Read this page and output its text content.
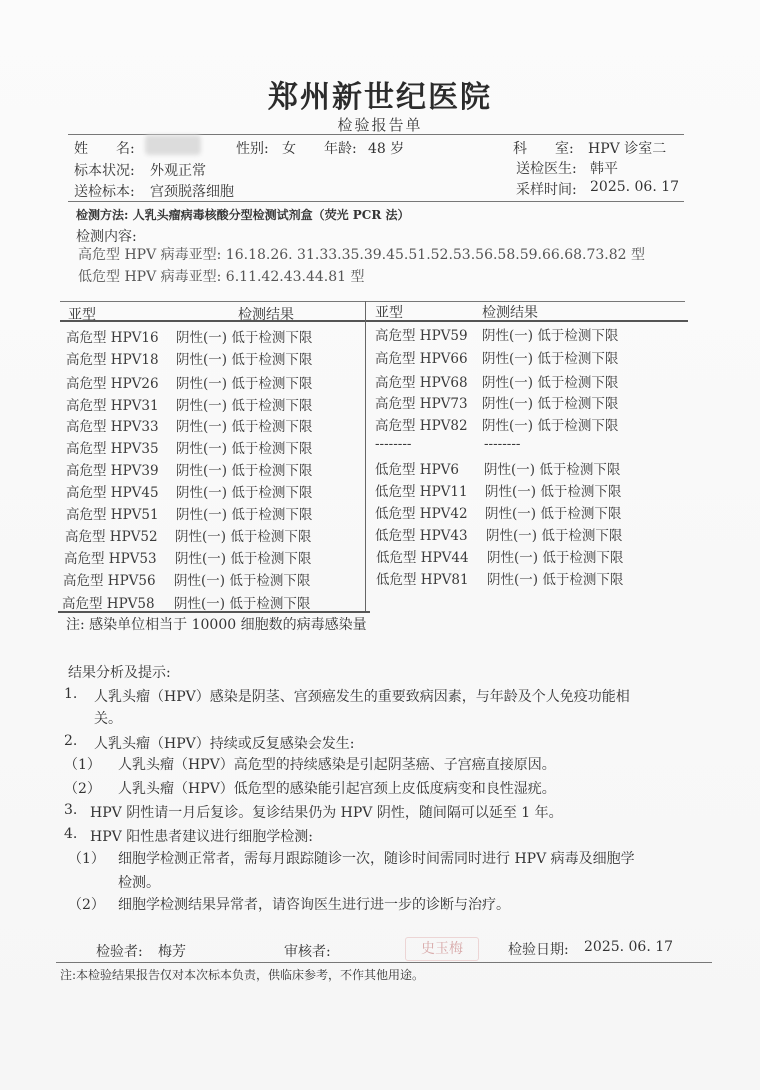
郑州新世纪医院
检验报告单
姓　　名:	性别: 女 年龄: 48 岁	科　　室: HPV 诊室二
标本状况: 外观正常	送检医生: 韩平
送检标本: 宫颈脱落细胞	采样时间: 2025. 06. 17
检测方法: 人乳头瘤病毒核酸分型检测试剂盒（荧光 PCR 法）
检测内容:
高危型 HPV 病毒亚型: 16.18.26. 31.33.35.39.45.51.52.53.56.58.59.66.68.73.82 型
低危型 HPV 病毒亚型: 6.11.42.43.44.81 型
亚型	检测结果	亚型	检测结果
高危型 HPV16 阴性(一) 低于检测下限
高危型 HPV18 阴性(一) 低于检测下限
高危型 HPV26 阴性(一) 低于检测下限
高危型 HPV31 阴性(一) 低于检测下限
高危型 HPV33 阴性(一) 低于检测下限
高危型 HPV35 阴性(一) 低于检测下限
高危型 HPV39 阴性(一) 低于检测下限
高危型 HPV45 阴性(一) 低于检测下限
高危型 HPV51 阴性(一) 低于检测下限
高危型 HPV52 阴性(一) 低于检测下限
高危型 HPV53 阴性(一) 低于检测下限
高危型 HPV56 阴性(一) 低于检测下限
高危型 HPV58 阴性(一) 低于检测下限
高危型 HPV59 阴性(一) 低于检测下限
高危型 HPV66 阴性(一) 低于检测下限
高危型 HPV68 阴性(一) 低于检测下限
高危型 HPV73 阴性(一) 低于检测下限
高危型 HPV82 阴性(一) 低于检测下限
--------	--------
低危型 HPV6 阴性(一) 低于检测下限
低危型 HPV11 阴性(一) 低于检测下限
低危型 HPV42 阴性(一) 低于检测下限
低危型 HPV43 阴性(一) 低于检测下限
低危型 HPV44 阴性(一) 低于检测下限
低危型 HPV81 阴性(一) 低于检测下限
注: 感染单位相当于 10000 细胞数的病毒感染量
结果分析及提示:
1. 人乳头瘤（HPV）感染是阴茎、宫颈癌发生的重要致病因素，与年龄及个人免疫功能相
关。
2. 人乳头瘤（HPV）持续或反复感染会发生:
（1） 人乳头瘤（HPV）高危型的持续感染是引起阴茎癌、子宫癌直接原因。
（2） 人乳头瘤（HPV）低危型的感染能引起宫颈上皮低度病变和良性湿疣。
3. HPV 阴性请一月后复诊。复诊结果仍为 HPV 阴性，随间隔可以延至 1 年。
4. HPV 阳性患者建议进行细胞学检测:
（1） 细胞学检测正常者，需每月跟踪随诊一次，随诊时间需同时进行 HPV 病毒及细胞学
检测。
（2） 细胞学检测结果异常者，请咨询医生进行进一步的诊断与治疗。
检验者: 梅芳	审核者:	史玉梅	检验日期: 2025. 06. 17
注:本检验结果报告仅对本次标本负责，供临床参考，不作其他用途。
